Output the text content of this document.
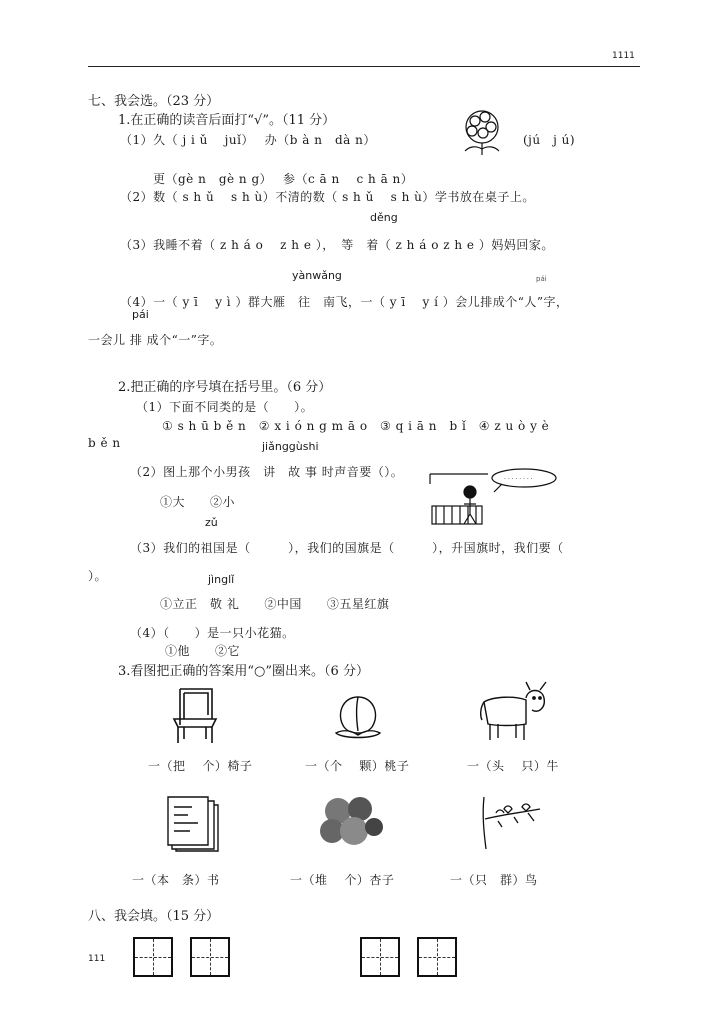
1111
七、我会选。（23 分）
1.在正确的读音后面打“√”。（11 分）
（1）久（ j i ǔ　 juǐ）　 办（b à n　dà n）	(jú　j ú)
更（gè n　gè n g）　 参（c ā n　 c h ā n）
（2）数（ s h ǔ　 s h ù）不清的数（ s h ǔ　 s h ù）学书放在桌子上。
děng
（3）我睡不着（ z h á o　 z h e ），　等　着（ z h á o z h e ）妈妈回家。
yànwǎng	pái
（4）一（ y ī　 y ì ）群大雁　往　南飞，一（ y ī　 y í ）会儿排成个“人”字，
pái
一会儿 排 成个“一”字。
2.把正确的序号填在括号里。（6 分）
（1）下面不同类的是（　　）。
① s h ū b ě n　② x i ó n g m ā o　③ q i ā n　b ǐ　④ z u ò y è
b ě n	jiǎnggùshi
（2）图上那个小男孩　讲　故 事 时声音要（）。
· · · · · · · ·
①大　　②小
zǔ
（3）我们的祖国是（　　　），我们的国旗是（　　　），升国旗时，我们要（
）。	jìnglǐ
①立正　敬 礼　　②中国　　③五星红旗
（4）（　　）是一只小花猫。
①他　　②它
3.看图把正确的答案用“○”圈出来。（6 分）
一（把　 个）椅子	一（个　 颗）桃子	一（头　 只）牛
一（本　条）书	一（堆　 个）杏子	一（只　群）鸟
八、我会填。（15 分）
111
